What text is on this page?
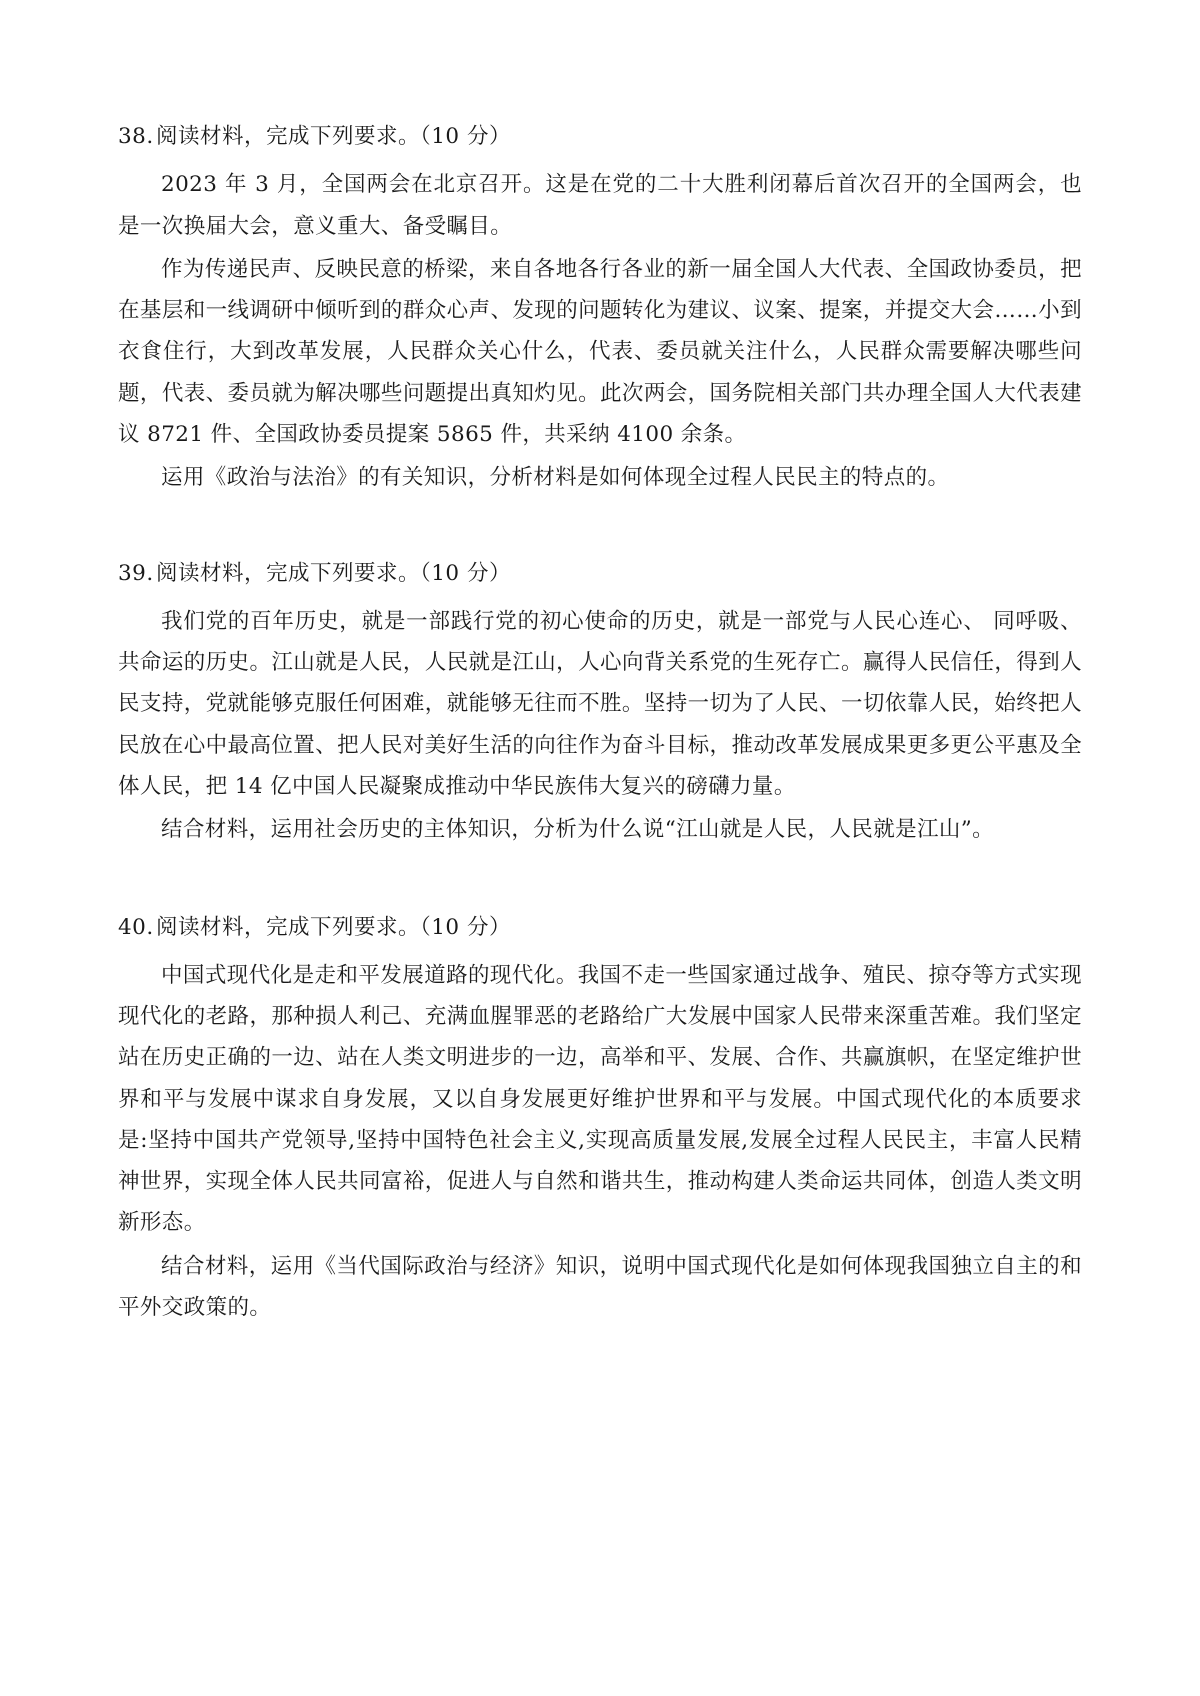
38. 阅读材料，完成下列要求。（10 分）

2023 年 3 月，全国两会在北京召开。这是在党的二十大胜利闭幕后首次召开的全国两会，也是一次换届大会，意义重大、备受瞩目。

作为传递民声、反映民意的桥梁，来自各地各行各业的新一届全国人大代表、全国政协委员，把在基层和一线调研中倾听到的群众心声、发现的问题转化为建议、议案、提案，并提交大会……小到衣食住行，大到改革发展，人民群众关心什么，代表、委员就关注什么，人民群众需要解决哪些问题，代表、委员就为解决哪些问题提出真知灼见。此次两会，国务院相关部门共办理全国人大代表建议 8721 件、全国政协委员提案 5865 件，共采纳 4100 余条。

运用《政治与法治》的有关知识，分析材料是如何体现全过程人民民主的特点的。

39. 阅读材料，完成下列要求。（10 分）

我们党的百年历史，就是一部践行党的初心使命的历史，就是一部党与人民心连心、 同呼吸、共命运的历史。江山就是人民，人民就是江山，人心向背关系党的生死存亡。赢得人民信任，得到人民支持，党就能够克服任何困难，就能够无往而不胜。坚持一切为了人民、一切依靠人民，始终把人民放在心中最高位置、把人民对美好生活的向往作为奋斗目标，推动改革发展成果更多更公平惠及全体人民，把 14 亿中国人民凝聚成推动中华民族伟大复兴的磅礴力量。

结合材料，运用社会历史的主体知识，分析为什么说“江山就是人民，人民就是江山”。

40. 阅读材料，完成下列要求。（10 分）

中国式现代化是走和平发展道路的现代化。我国不走一些国家通过战争、殖民、掠夺等方式实现现代化的老路，那种损人利己、充满血腥罪恶的老路给广大发展中国家人民带来深重苦难。我们坚定站在历史正确的一边、站在人类文明进步的一边，高举和平、发展、合作、共赢旗帜，在坚定维护世界和平与发展中谋求自身发展，又以自身发展更好维护世界和平与发展。中国式现代化的本质要求是:坚持中国共产党领导,坚持中国特色社会主义,实现高质量发展,发展全过程人民民主，丰富人民精神世界，实现全体人民共同富裕，促进人与自然和谐共生，推动构建人类命运共同体，创造人类文明新形态。

结合材料，运用《当代国际政治与经济》知识，说明中国式现代化是如何体现我国独立自主的和平外交政策的。
